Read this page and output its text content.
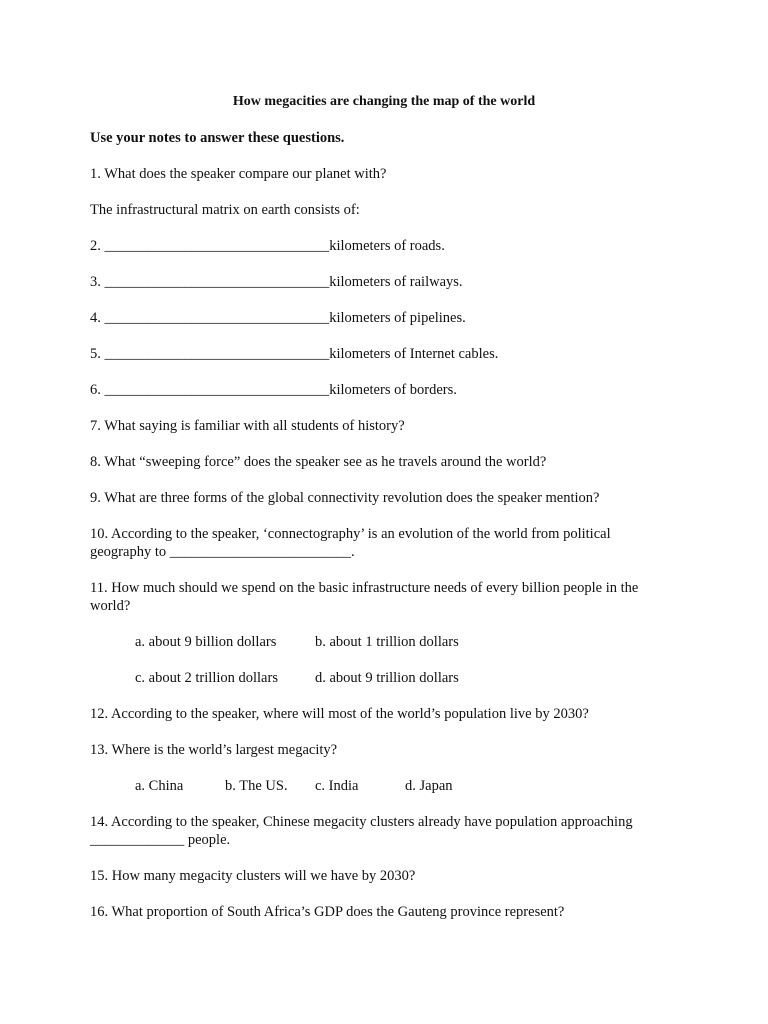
How megacities are changing the map of the world
Use your notes to answer these questions.
1. What does the speaker compare our planet with?
The infrastructural matrix on earth consists of:
2. _______________________________kilometers of roads.
3. _______________________________kilometers of railways.
4. _______________________________kilometers of pipelines.
5. _______________________________kilometers of Internet cables.
6. _______________________________kilometers of borders.
7. What saying is familiar with all students of history?
8. What “sweeping force” does the speaker see as he travels around the world?
9. What are three forms of the global connectivity revolution does the speaker mention?
10. According to the speaker, ‘connectography’ is an evolution of the world from political geography to _________________________.
11. How much should we spend on the basic infrastructure needs of every billion people in the world?
a. about 9 billion dollars	b. about 1 trillion dollars
c. about 2 trillion dollars	d. about 9 trillion dollars
12. According to the speaker, where will most of the world’s population live by 2030?
13. Where is the world’s largest megacity?
a. China	b. The US. c. India	d. Japan
14. According to the speaker, Chinese megacity clusters already have population approaching _____________ people.
15. How many megacity clusters will we have by 2030?
16. What proportion of South Africa’s GDP does the Gauteng province represent?
